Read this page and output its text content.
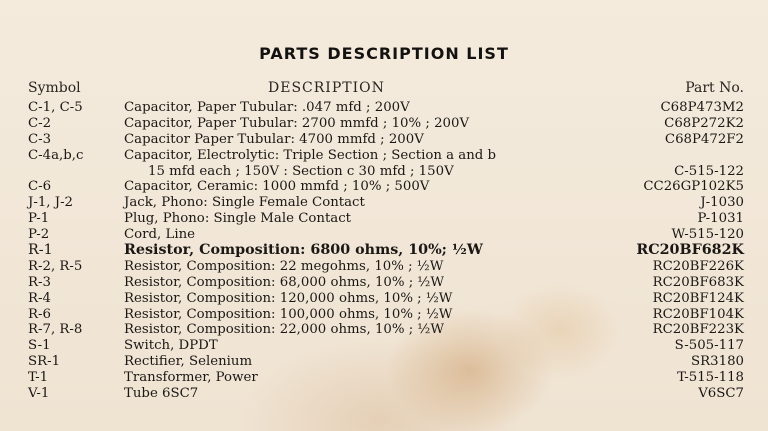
PARTS DESCRIPTION LIST
Symbol	DESCRIPTION	Part No.
C-1, C-5	Capacitor, Paper Tubular: .047 mfd ; 200V	C68P473M2
C-2	Capacitor, Paper Tubular: 2700 mmfd ; 10% ; 200V	C68P272K2
C-3	Capacitor Paper Tubular: 4700 mmfd ; 200V	C68P472F2
C-4a,b,c	Capacitor, Electrolytic: Triple Section ; Section a and b
15 mfd each ; 150V : Section c 30 mfd ; 150V	C-515-122
C-6	Capacitor, Ceramic: 1000 mmfd ; 10% ; 500V	CC26GP102K5
J-1, J-2	Jack, Phono: Single Female Contact	J-1030
P-1	Plug, Phono: Single Male Contact	P-1031
P-2	Cord, Line	W-515-120
R-1	Resistor, Composition: 6800 ohms, 10%; ½W	RC20BF682K
R-2, R-5	Resistor, Composition: 22 megohms, 10% ; ½W	RC20BF226K
R-3	Resistor, Composition: 68,000 ohms, 10% ; ½W	RC20BF683K
R-4	Resistor, Composition: 120,000 ohms, 10% ; ½W	RC20BF124K
R-6	Resistor, Composition: 100,000 ohms, 10% ; ½W	RC20BF104K
R-7, R-8	Resistor, Composition: 22,000 ohms, 10% ; ½W	RC20BF223K
S-1	Switch, DPDT	S-505-117
SR-1	Rectifier, Selenium	SR3180
T-1	Transformer, Power	T-515-118
V-1	Tube 6SC7	V6SC7
